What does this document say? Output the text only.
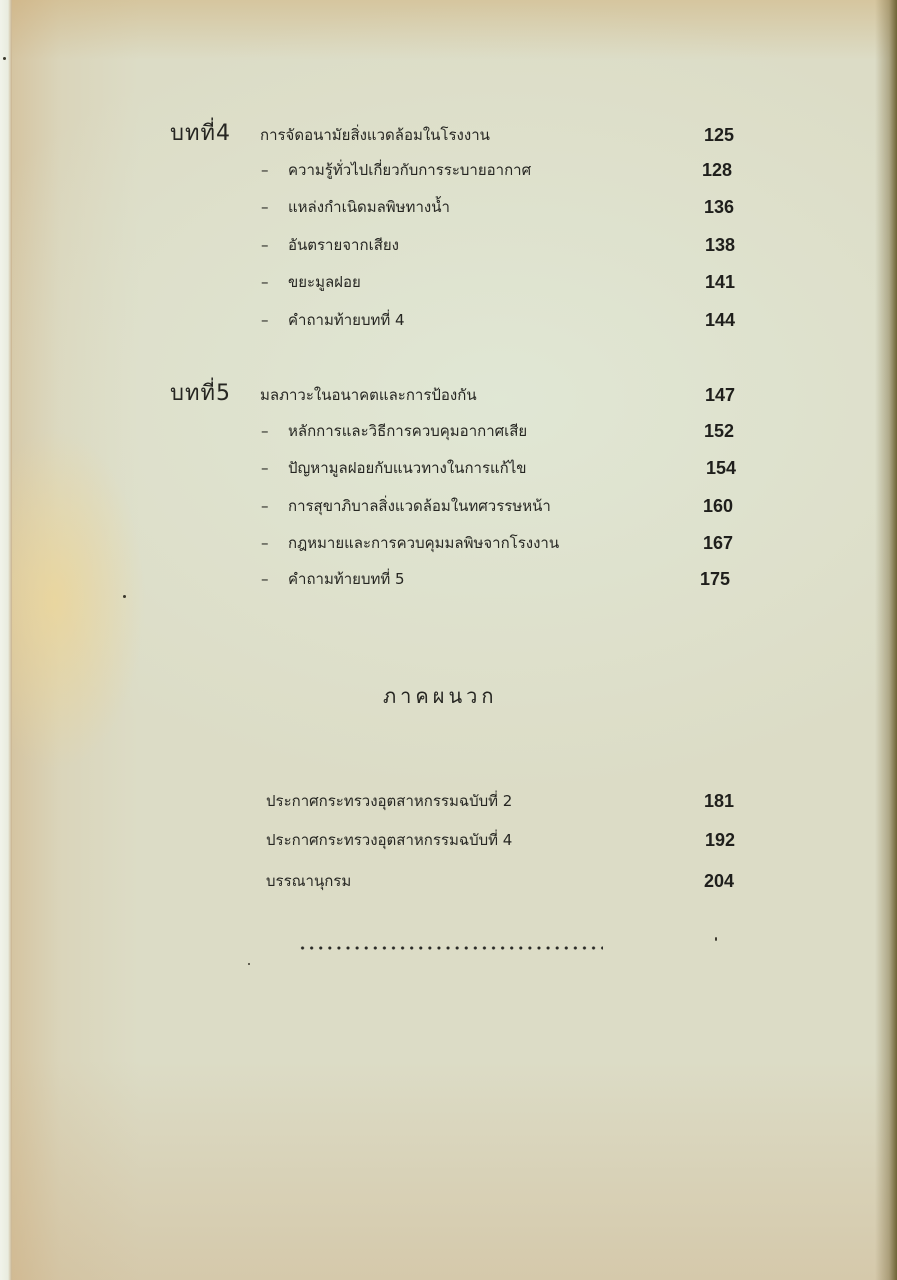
บทที่4 การจัดอนามัยสิ่งแวดล้อมในโรงงาน	125
– ความรู้ทั่วไปเกี่ยวกับการระบายอากาศ	128
– แหล่งกำเนิดมลพิษทางน้ำ	136
– อันตรายจากเสียง	138
– ขยะมูลฝอย	141
– คำถามท้ายบทที่ 4	144
บทที่5 มลภาวะในอนาคตและการป้องกัน	147
– หลักการและวิธีการควบคุมอากาศเสีย	152
– ปัญหามูลฝอยกับแนวทางในการแก้ไข	154
– การสุขาภิบาลสิ่งแวดล้อมในทศวรรษหน้า	160
– กฎหมายและการควบคุมมลพิษจากโรงงาน	167
– คำถามท้ายบทที่ 5	175
ภาคผนวก
ประกาศกระทรวงอุตสาหกรรมฉบับที่ 2	181
ประกาศกระทรวงอุตสาหกรรมฉบับที่ 4	192
บรรณานุกรม	204
